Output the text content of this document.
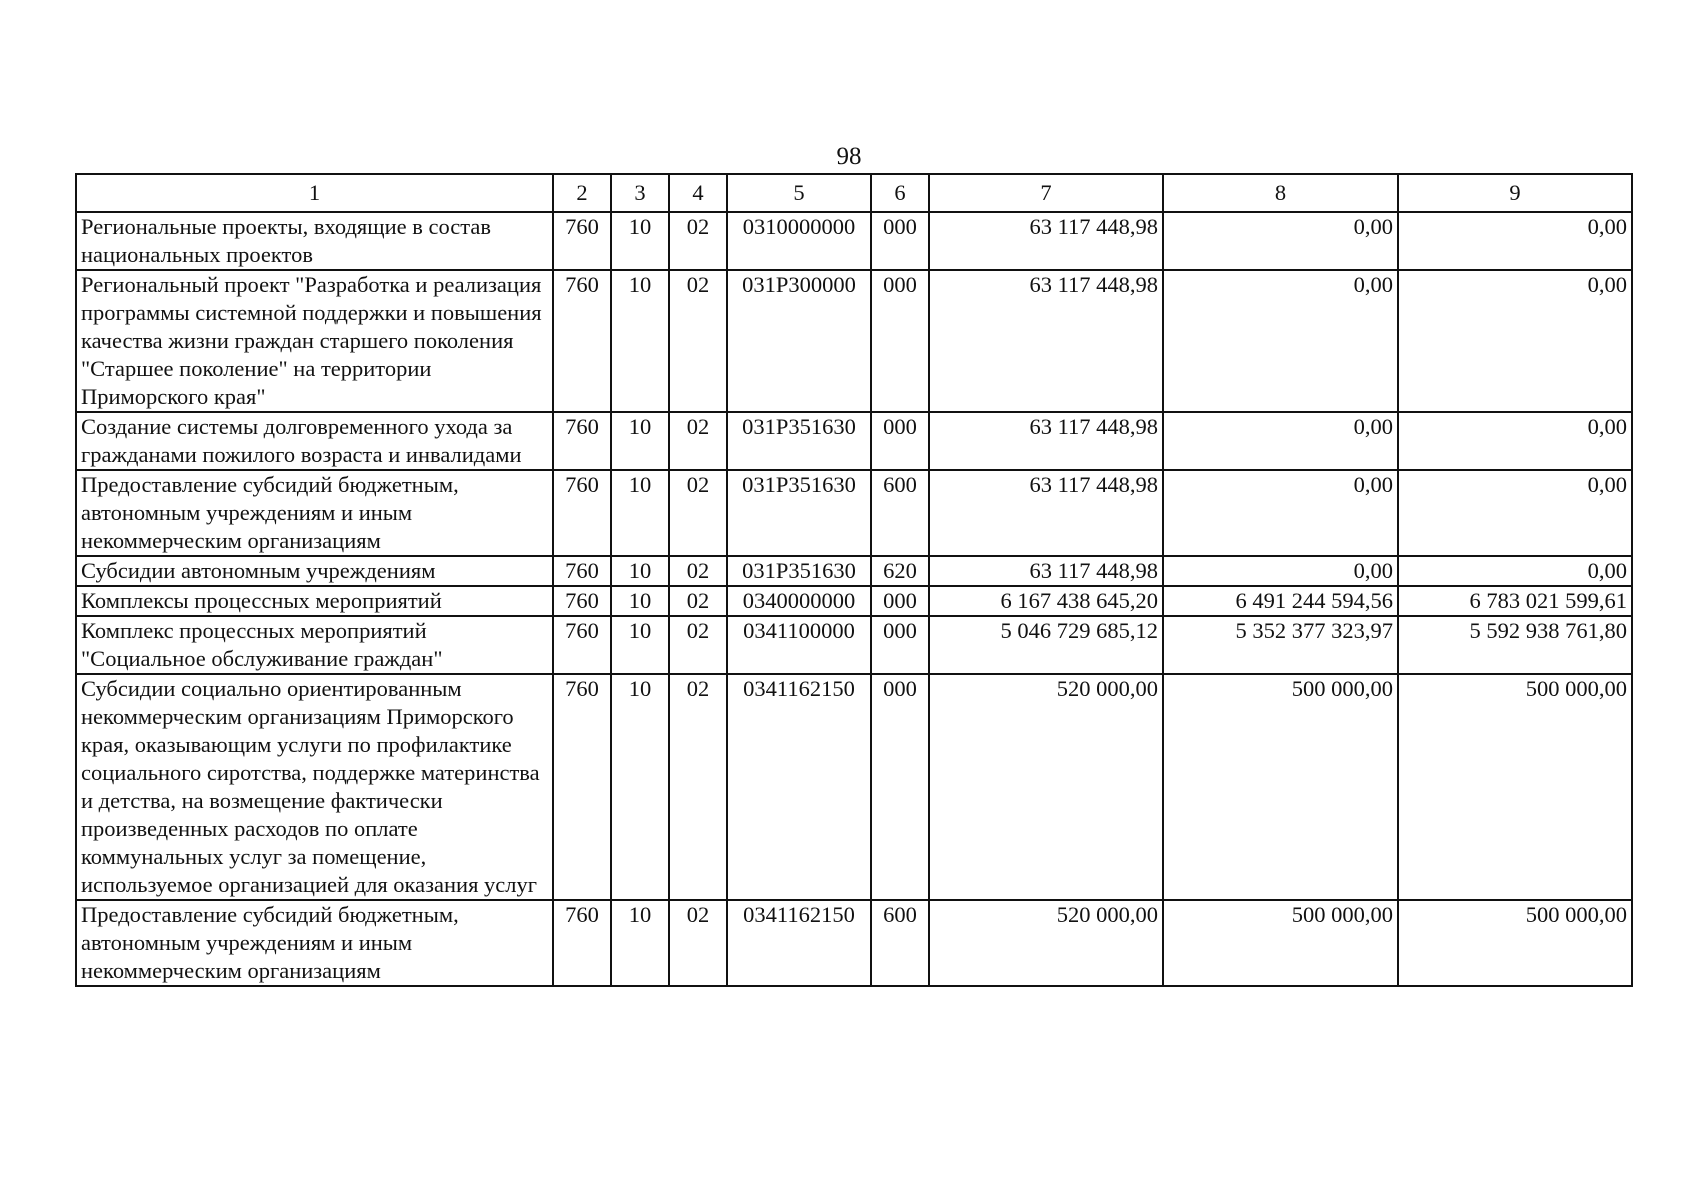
98
1	2	3	4	5	6	7	8	9
Региональные проекты, входящие в состав национальных проектов	760	10	02	0310000000	000	63 117 448,98	0,00	0,00
Региональный проект "Разработка и реализация программы системной поддержки и повышения качества жизни граждан старшего поколения "Старшее поколение" на территории Приморского края"	760	10	02	031P300000	000	63 117 448,98	0,00	0,00
Создание системы долговременного ухода за гражданами пожилого возраста и инвалидами	760	10	02	031P351630	000	63 117 448,98	0,00	0,00
Предоставление субсидий бюджетным, автономным учреждениям и иным некоммерческим организациям	760	10	02	031P351630	600	63 117 448,98	0,00	0,00
Субсидии автономным учреждениям	760	10	02	031P351630	620	63 117 448,98	0,00	0,00
Комплексы процессных мероприятий	760	10	02	0340000000	000	6 167 438 645,20	6 491 244 594,56	6 783 021 599,61
Комплекс процессных мероприятий "Социальное обслуживание граждан"	760	10	02	0341100000	000	5 046 729 685,12	5 352 377 323,97	5 592 938 761,80
Субсидии социально ориентированным некоммерческим организациям Приморского края, оказывающим услуги по профилактике социального сиротства, поддержке материнства и детства, на возмещение фактически произведенных расходов по оплате коммунальных услуг за помещение, используемое организацией для оказания услуг	760	10	02	0341162150	000	520 000,00	500 000,00	500 000,00
Предоставление субсидий бюджетным, автономным учреждениям и иным некоммерческим организациям	760	10	02	0341162150	600	520 000,00	500 000,00	500 000,00
